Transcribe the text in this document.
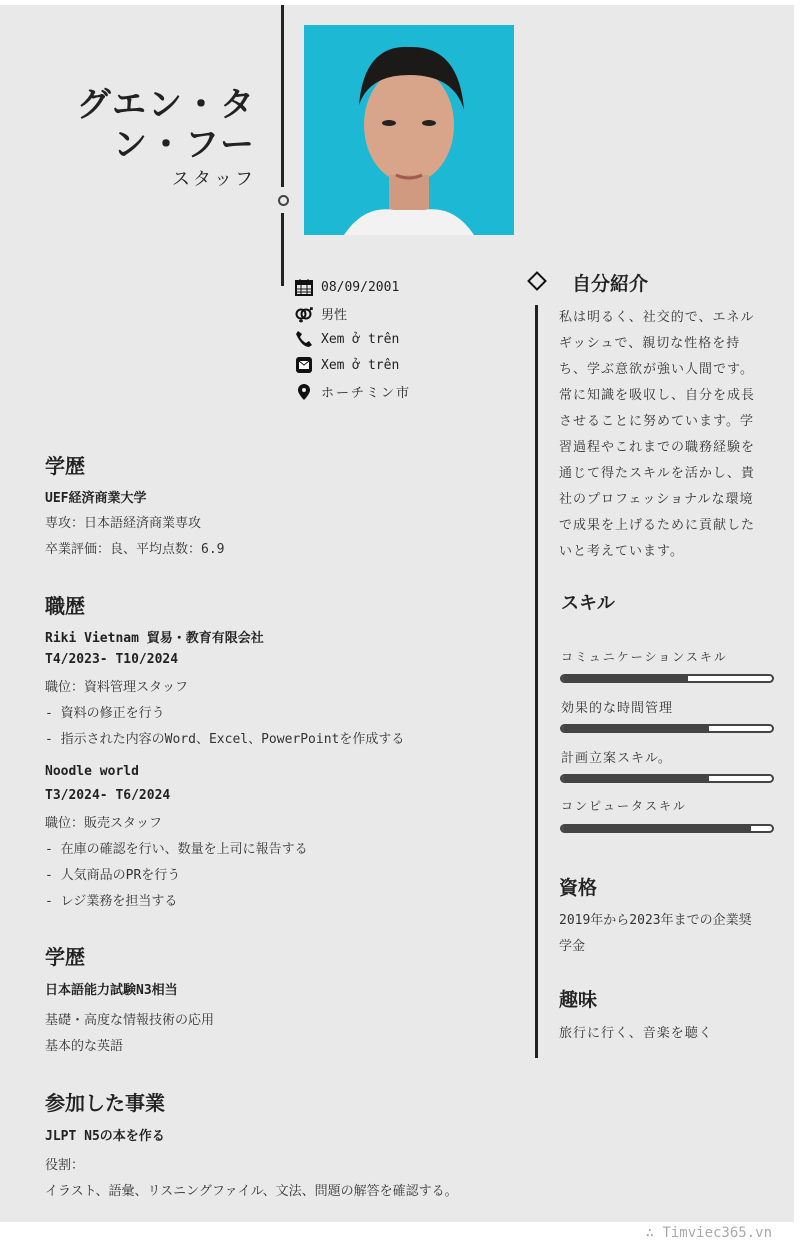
グエン・タ
ン・フー
スタッフ
08/09/2001
男性
Xem ở trên
Xem ở trên
ホーチミン市
自分紹介
私は明るく、社交的で、エネルギッシュで、親切な性格を持ち、学ぶ意欲が強い人間です。常に知識を吸収し、自分を成長させることに努めています。学習過程やこれまでの職務経験を通じて得たスキルを活かし、貴社のプロフェッショナルな環境で成果を上げるために貢献したいと考えています。
スキル
コミュニケーションスキル
効果的な時間管理
計画立案スキル。
コンピュータスキル
資格
2019年から2023年までの企業奨学金
趣味
旅行に行く、音楽を聴く
学歴
UEF経済商業大学
専攻：日本語経済商業専攻
卒業評価：良、平均点数：6.9
職歴
Riki Vietnam 貿易・教育有限会社
T4/2023- T10/2024
職位：資料管理スタッフ
- 資料の修正を行う
- 指示された内容のWord、Excel、PowerPointを作成する
Noodle world
T3/2024- T6/2024
職位：販売スタッフ
- 在庫の確認を行い、数量を上司に報告する
- 人気商品のPRを行う
- レジ業務を担当する
学歴
日本語能力試験N3相当
基礎・高度な情報技術の応用
基本的な英語
参加した事業
JLPT N5の本を作る
役割：
イラスト、語彙、リスニングファイル、文法、問題の解答を確認する。
∴ Timviec365.vn
